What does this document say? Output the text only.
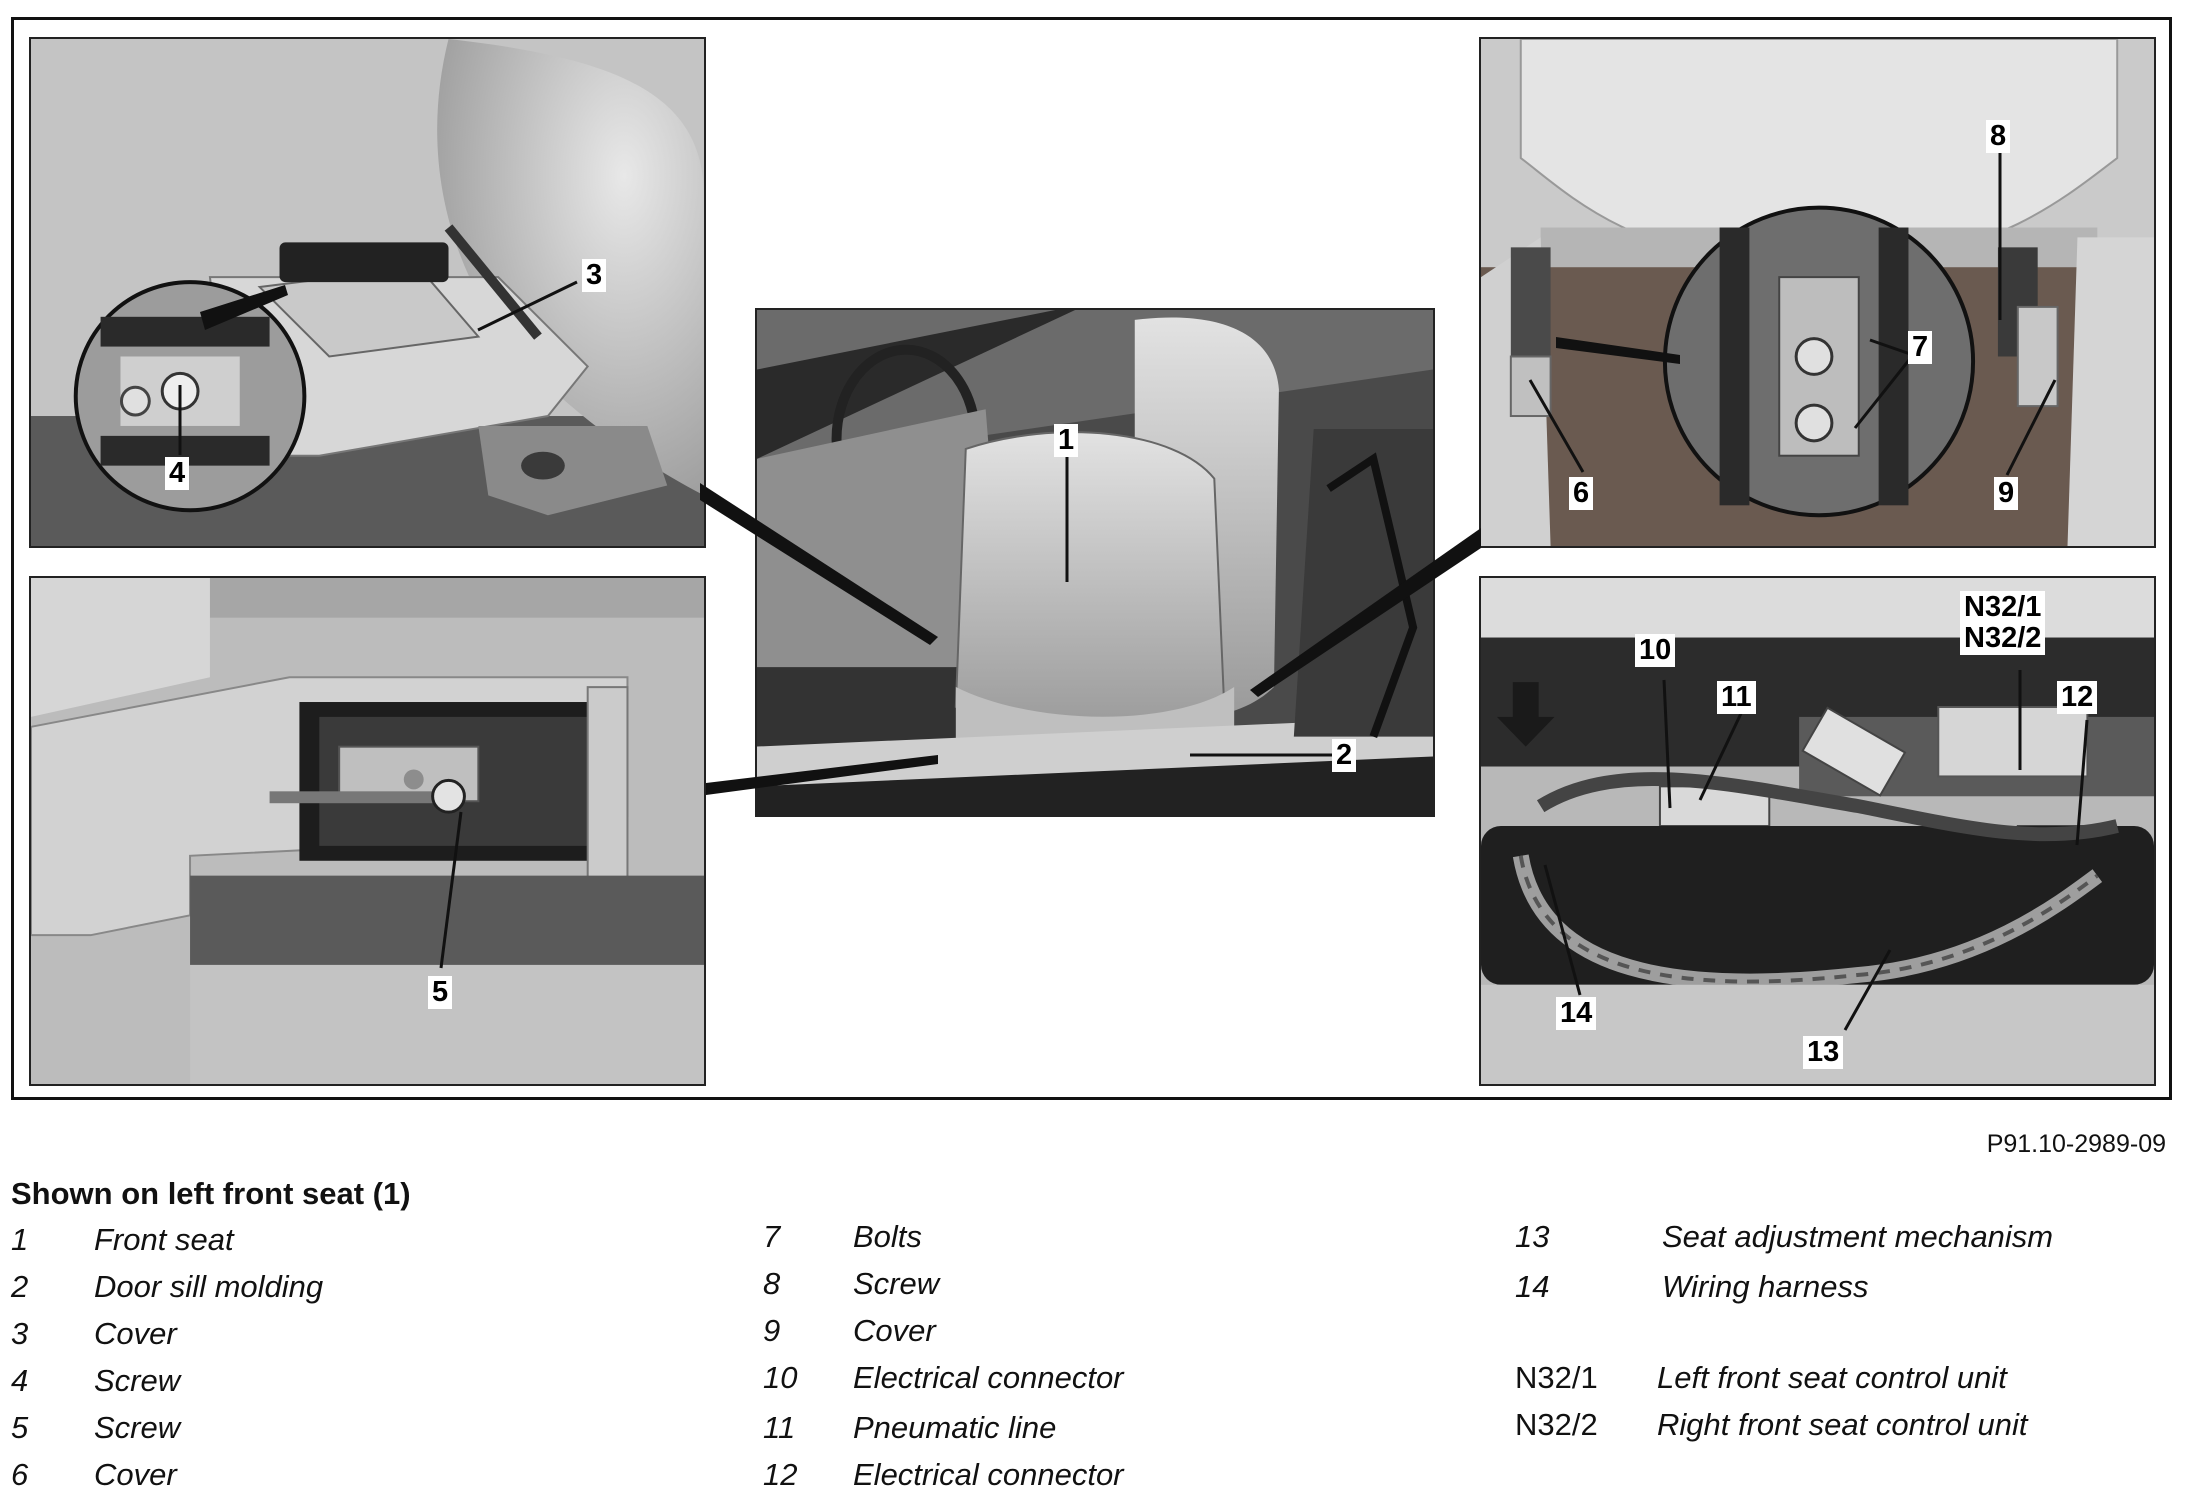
1
2
3
4
5
6
7
8
9
10
11	12
13
14
N32/1
N32/2
P91.10-2989-09
Shown on left front seat (1)
1 Front seat
2 Door sill molding
3 Cover
4 Screw
5 Screw
6 Cover
7 Bolts
8 Screw
9 Cover
10 Electrical connector
11 Pneumatic line
12 Electrical connector
13	Seat adjustment mechanism
14	Wiring harness
N32/1 Left front seat control unit
N32/2 Right front seat control unit
